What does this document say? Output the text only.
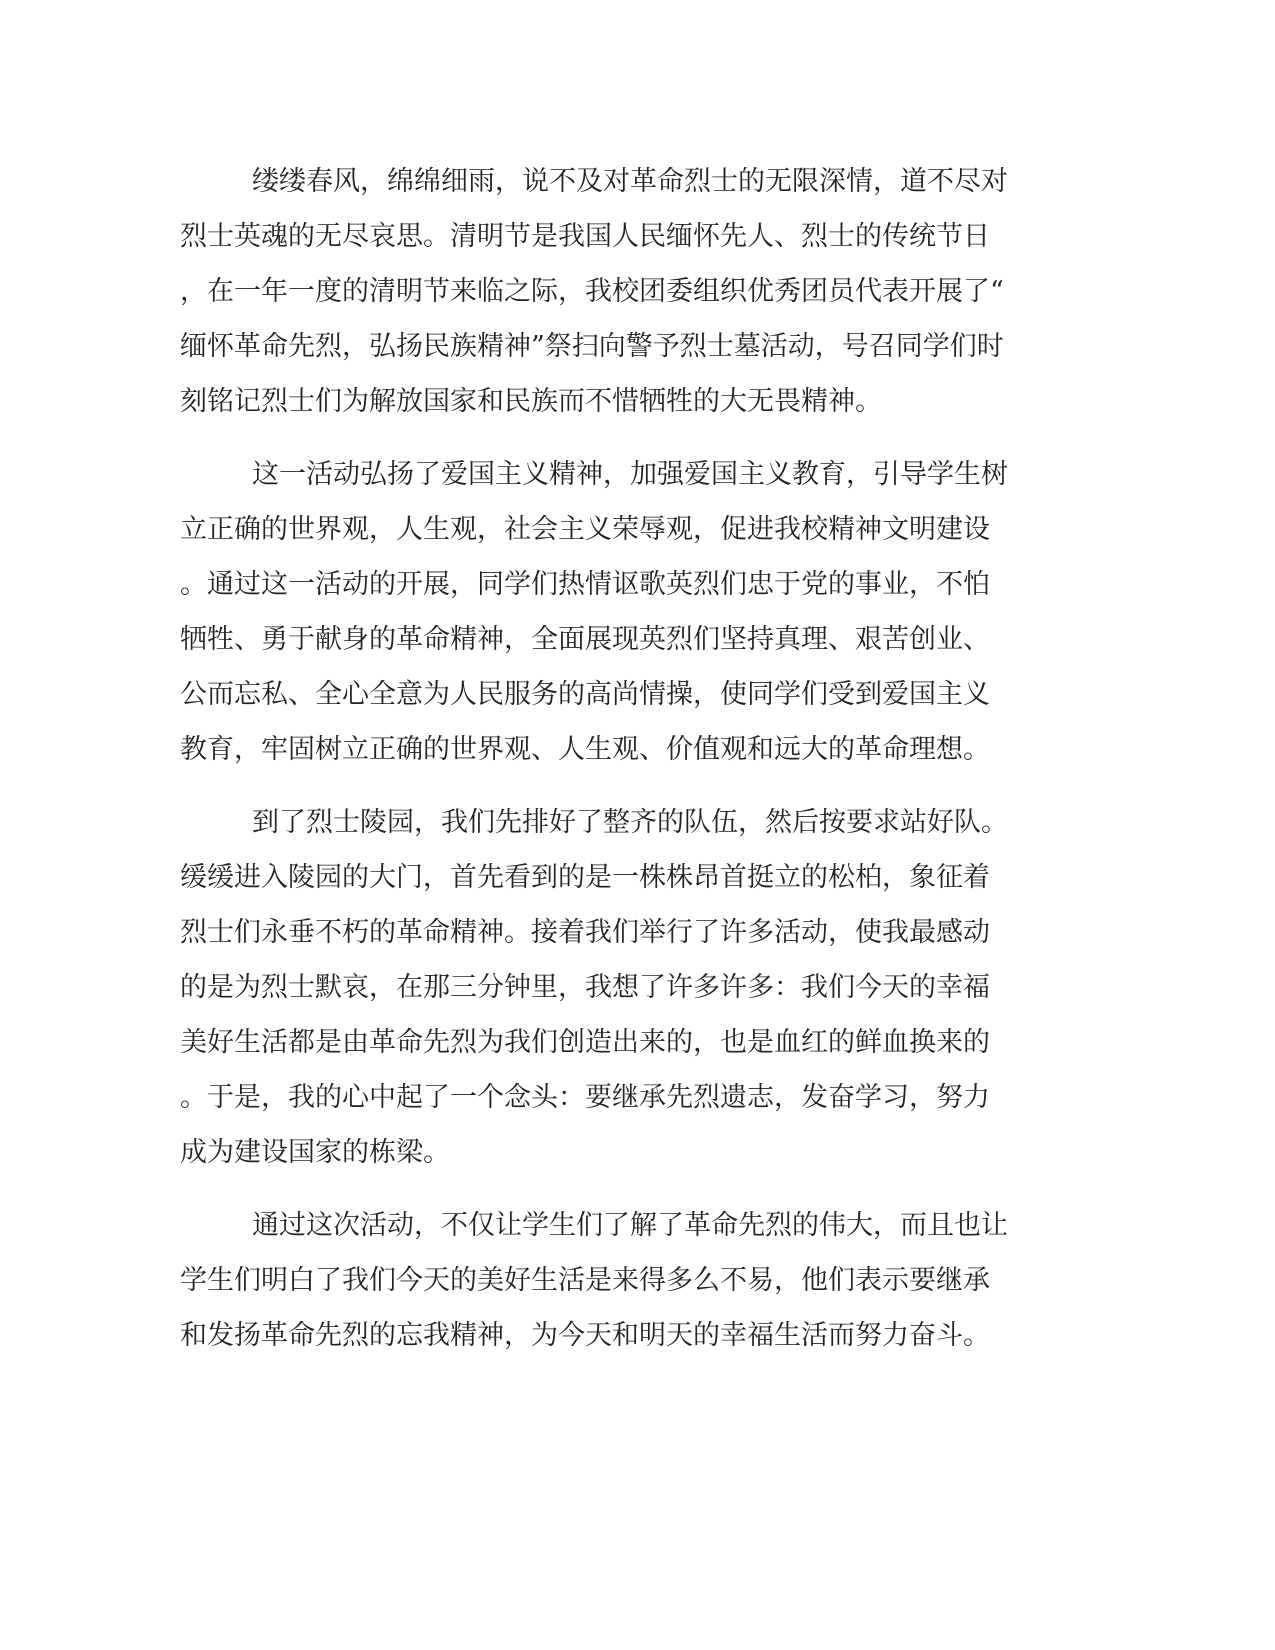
缕缕春风，绵绵细雨，说不及对革命烈士的无限深情，道不尽对
烈士英魂的无尽哀思。清明节是我国人民缅怀先人、烈士的传统节日
，在一年一度的清明节来临之际，我校团委组织优秀团员代表开展了“
缅怀革命先烈，弘扬民族精神”祭扫向警予烈士墓活动，号召同学们时
刻铭记烈士们为解放国家和民族而不惜牺牲的大无畏精神。
这一活动弘扬了爱国主义精神，加强爱国主义教育，引导学生树
立正确的世界观，人生观，社会主义荣辱观，促进我校精神文明建设
。通过这一活动的开展，同学们热情讴歌英烈们忠于党的事业，不怕
牺牲、勇于献身的革命精神，全面展现英烈们坚持真理、艰苦创业、
公而忘私、全心全意为人民服务的高尚情操，使同学们受到爱国主义
教育，牢固树立正确的世界观、人生观、价值观和远大的革命理想。
到了烈士陵园，我们先排好了整齐的队伍，然后按要求站好队。
缓缓进入陵园的大门，首先看到的是一株株昂首挺立的松柏，象征着
烈士们永垂不朽的革命精神。接着我们举行了许多活动，使我最感动
的是为烈士默哀，在那三分钟里，我想了许多许多：我们今天的幸福
美好生活都是由革命先烈为我们创造出来的，也是血红的鲜血换来的
。于是，我的心中起了一个念头：要继承先烈遗志，发奋学习，努力
成为建设国家的栋梁。
通过这次活动，不仅让学生们了解了革命先烈的伟大，而且也让
学生们明白了我们今天的美好生活是来得多么不易，他们表示要继承
和发扬革命先烈的忘我精神，为今天和明天的幸福生活而努力奋斗。
